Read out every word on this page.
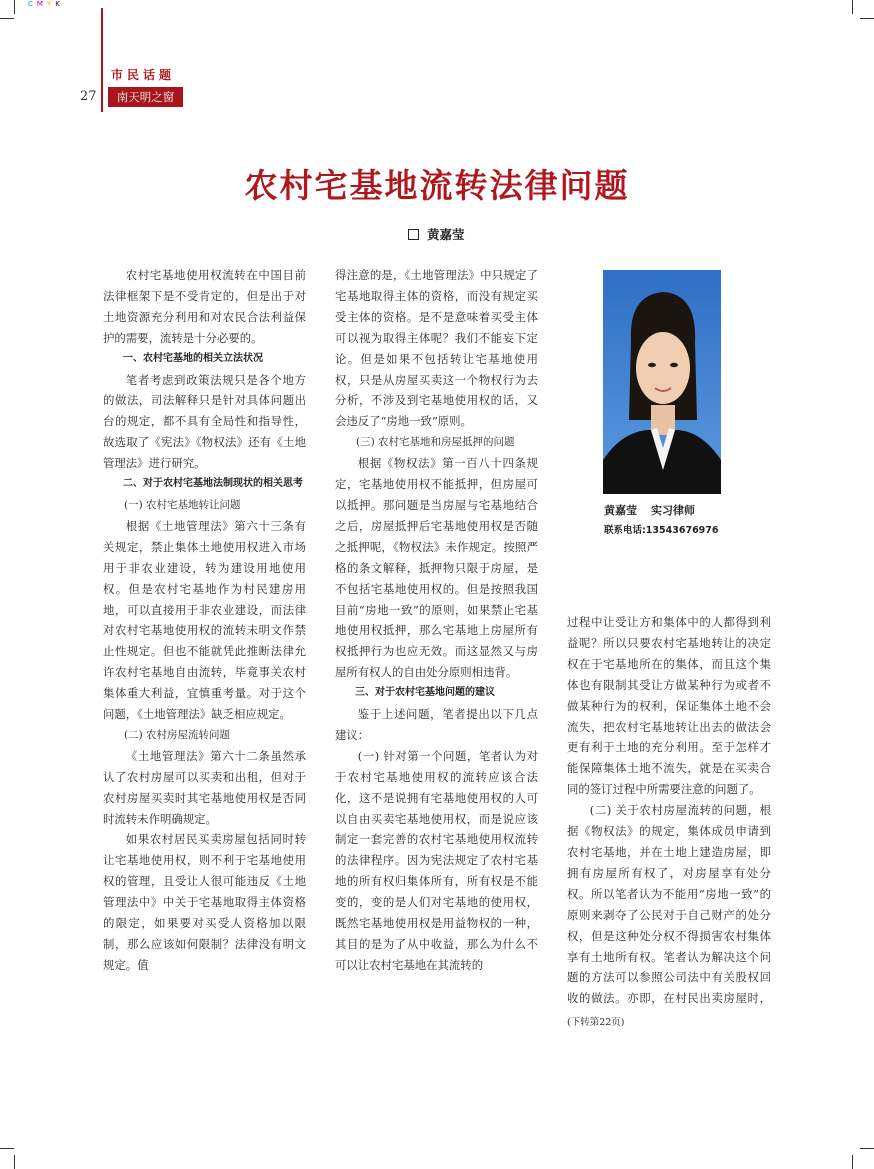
C M Y K
市民话题
27	南天明之窗
农村宅基地流转法律问题
黄嘉莹

农村宅基地使用权流转在中国目前法律框架下是不受肯定的，但是出于对土地资源充分利用和对农民合法利益保护的需要，流转是十分必要的。

一、农村宅基地的相关立法状况

笔者考虑到政策法规只是各个地方的做法，司法解释只是针对具体问题出台的规定，都不具有全局性和指导性，故选取了《宪法》《物权法》还有《土地管理法》进行研究。

二、对于农村宅基地法制现状的相关思考

(一) 农村宅基地转让问题

根据《土地管理法》第六十三条有关规定，禁止集体土地使用权进入市场用于非农业建设，转为建设用地使用权。但是农村宅基地作为村民建房用地，可以直接用于非农业建设，而法律对农村宅基地使用权的流转未明文作禁止性规定。但也不能就凭此推断法律允许农村宅基地自由流转，毕竟事关农村集体重大利益，宜慎重考量。对于这个问题，《土地管理法》缺乏相应规定。

(二) 农村房屋流转问题

《土地管理法》第六十二条虽然承认了农村房屋可以买卖和出租，但对于农村房屋买卖时其宅基地使用权是否同时流转未作明确规定。

如果农村居民买卖房屋包括同时转让宅基地使用权，则不利于宅基地使用权的管理，且受让人很可能违反《土地管理法中》中关于宅基地取得主体资格的限定，如果要对买受人资格加以限制，那么应该如何限制？法律没有明文规定。值

得注意的是，《土地管理法》中只规定了宅基地取得主体的资格，而没有规定买受主体的资格。是不是意味着买受主体可以视为取得主体呢？我们不能妄下定论。但是如果不包括转让宅基地使用权，只是从房屋买卖这一个物权行为去分析，不涉及到宅基地使用权的话，又会违反了“房地一致”原则。

(三) 农村宅基地和房屋抵押的问题

根据《物权法》第一百八十四条规定，宅基地使用权不能抵押，但房屋可以抵押。那问题是当房屋与宅基地结合之后，房屋抵押后宅基地使用权是否随之抵押呢，《物权法》未作规定。按照严格的条文解释，抵押物只限于房屋，是不包括宅基地使用权的。但是按照我国目前“房地一致”的原则，如果禁止宅基地使用权抵押，那么宅基地上房屋所有权抵押行为也应无效。而这显然又与房屋所有权人的自由处分原则相违背。

三、对于农村宅基地问题的建议

鉴于上述问题，笔者提出以下几点建议：

(一) 针对第一个问题，笔者认为对于农村宅基地使用权的流转应该合法化，这不是说拥有宅基地使用权的人可以自由买卖宅基地使用权，而是说应该制定一套完善的农村宅基地使用权流转的法律程序。因为宪法规定了农村宅基地的所有权归集体所有，所有权是不能变的，变的是人们对宅基地的使用权，既然宅基地使用权是用益物权的一种，其目的是为了从中收益，那么为什么不可以让农村宅基地在其流转的

过程中让受让方和集体中的人都得到利益呢？所以只要农村宅基地转让的决定权在于宅基地所在的集体，而且这个集体也有限制其受让方做某种行为或者不做某种行为的权利，保证集体土地不会流失，把农村宅基地转让出去的做法会更有利于土地的充分利用。至于怎样才能保障集体土地不流失，就是在买卖合同的签订过程中所需要注意的问题了。

(二) 关于农村房屋流转的问题，根据《物权法》的规定，集体成员申请到农村宅基地，并在土地上建造房屋，即拥有房屋所有权了，对房屋享有处分权。所以笔者认为不能用“房地一致”的原则来剥夺了公民对于自己财产的处分权，但是这种处分权不得损害农村集体享有土地所有权。笔者认为解决这个问题的方法可以参照公司法中有关股权回收的做法。亦即，在村民出卖房屋时， (下转第22页)

黄嘉莹 实习律师
联系电话:13543676976
